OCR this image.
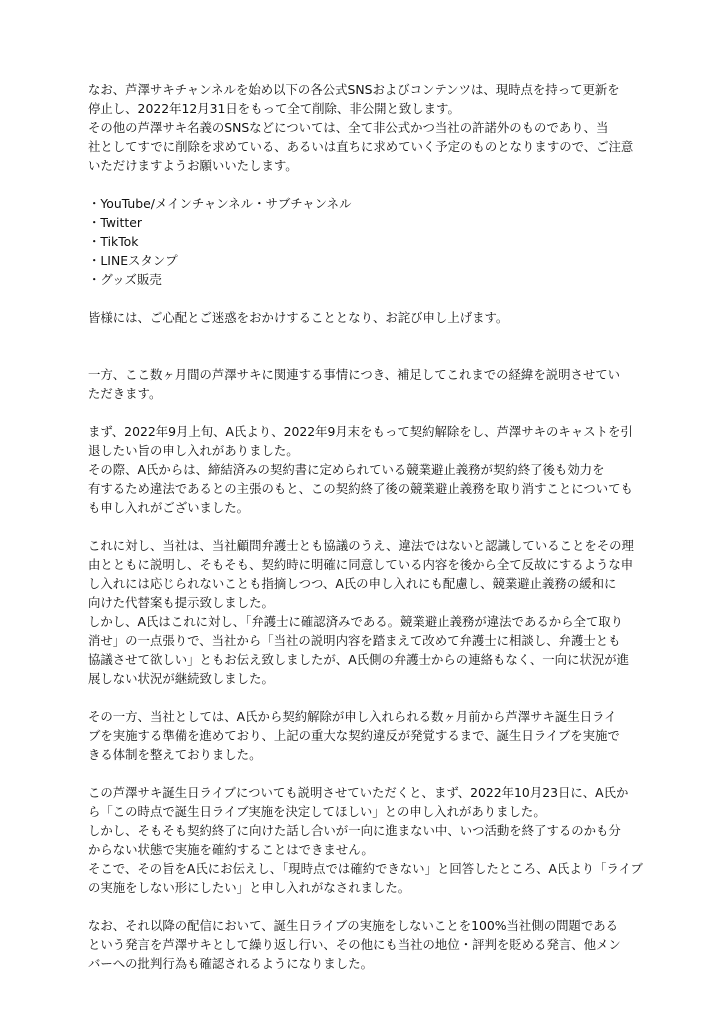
なお、芦澤サキチャンネルを始め以下の各公式SNSおよびコンテンツは、現時点を持って更新を
停止し、2022年12月31日をもって全て削除、非公開と致します。
その他の芦澤サキ名義のSNSなどについては、全て非公式かつ当社の許諾外のものであり、当
社としてすでに削除を求めている、あるいは直ちに求めていく予定のものとなりますので、ご注意
いただけますようお願いいたします。
・YouTube/メインチャンネル・サブチャンネル
・Twitter
・TikTok
・LINEスタンプ
・グッズ販売
皆様には、ご心配とご迷惑をおかけすることとなり、お詫び申し上げます。
一方、ここ数ヶ月間の芦澤サキに関連する事情につき、補足してこれまでの経緯を説明させてい
ただきます。
まず、2022年9月上旬、A氏より、2022年9月末をもって契約解除をし、芦澤サキのキャストを引
退したい旨の申し入れがありました。
その際、A氏からは、締結済みの契約書に定められている競業避止義務が契約終了後も効力を
有するため違法であるとの主張のもと、この契約終了後の競業避止義務を取り消すことについても
も申し入れがございました。
これに対し、当社は、当社顧問弁護士とも協議のうえ、違法ではないと認識していることをその理
由とともに説明し、そもそも、契約時に明確に同意している内容を後から全て反故にするような申
し入れには応じられないことも指摘しつつ、A氏の申し入れにも配慮し、競業避止義務の緩和に
向けた代替案も提示致しました。
しかし、A氏はこれに対し、「弁護士に確認済みである。競業避止義務が違法であるから全て取り
消せ」の一点張りで、当社から「当社の説明内容を踏まえて改めて弁護士に相談し、弁護士とも
協議させて欲しい」ともお伝え致しましたが、A氏側の弁護士からの連絡もなく、一向に状況が進
展しない状況が継続致しました。
その一方、当社としては、A氏から契約解除が申し入れられる数ヶ月前から芦澤サキ誕生日ライ
ブを実施する準備を進めており、上記の重大な契約違反が発覚するまで、誕生日ライブを実施で
きる体制を整えておりました。
この芦澤サキ誕生日ライブについても説明させていただくと、まず、2022年10月23日に、A氏か
ら「この時点で誕生日ライブ実施を決定してほしい」との申し入れがありました。
しかし、そもそも契約終了に向けた話し合いが一向に進まない中、いつ活動を終了するのかも分
からない状態で実施を確約することはできません。
そこで、その旨をA氏にお伝えし、「現時点では確約できない」と回答したところ、A氏より「ライブ
の実施をしない形にしたい」と申し入れがなされました。
なお、それ以降の配信において、誕生日ライブの実施をしないことを100%当社側の問題である
という発言を芦澤サキとして繰り返し行い、その他にも当社の地位・評判を貶める発言、他メン
バーへの批判行為も確認されるようになりました。
